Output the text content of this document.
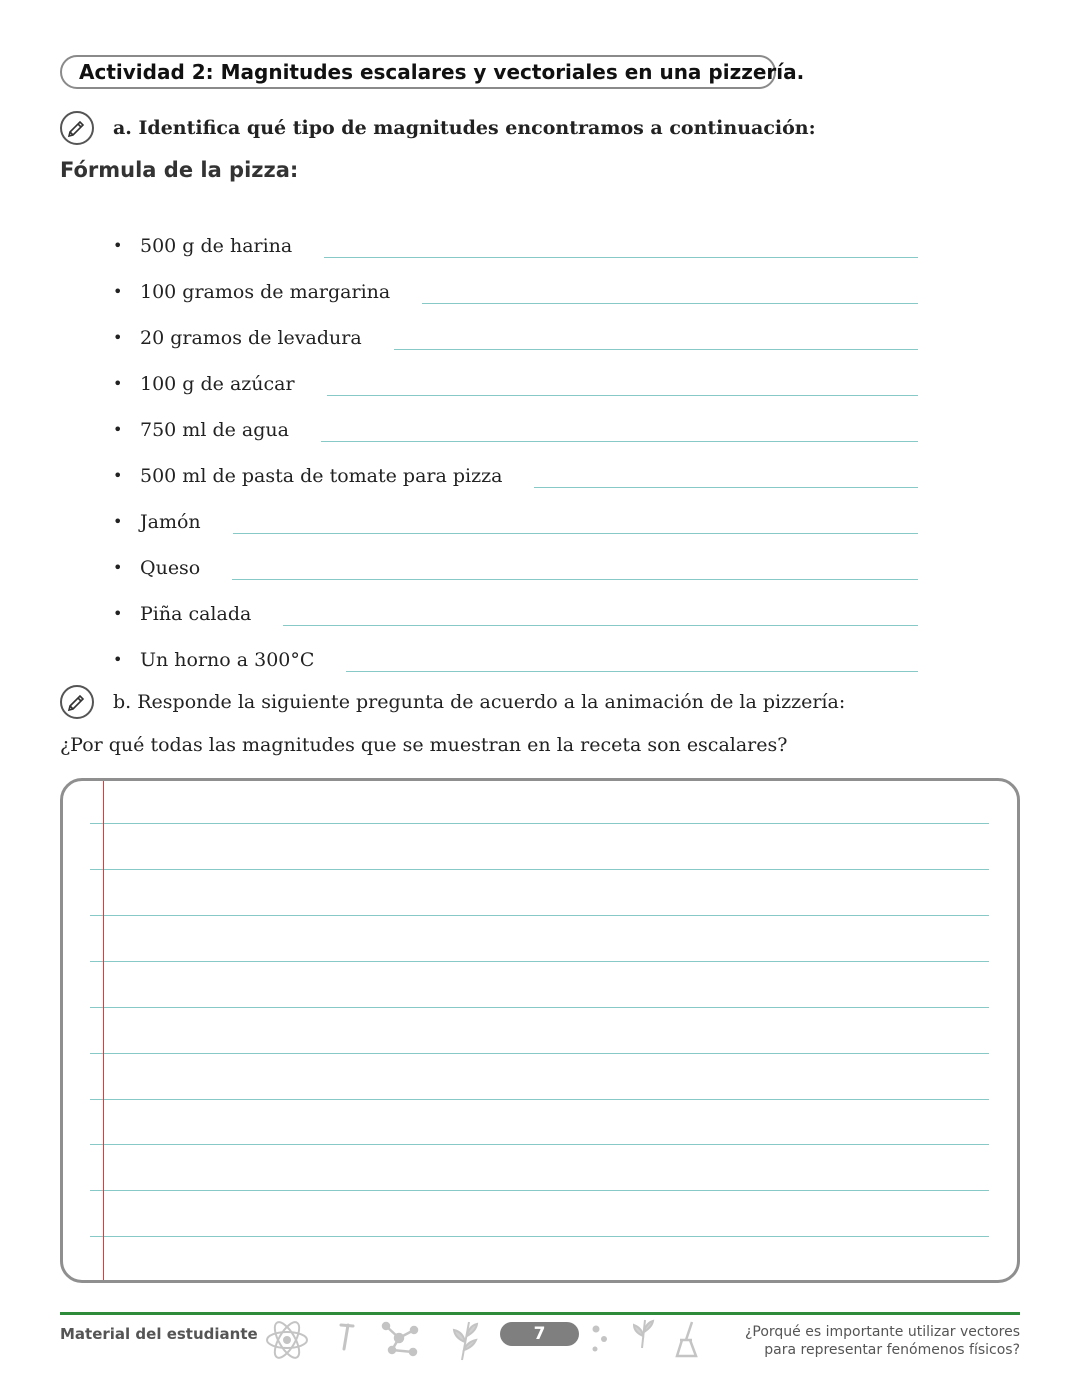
Actividad 2: Magnitudes escalares y vectoriales en una pizzería.
a. Identifica qué tipo de magnitudes encontramos a continuación:
Fórmula de la pizza:
• 500 g de harina
• 100 gramos de margarina
• 20 gramos de levadura
• 100 g de azúcar
• 750 ml de agua
• 500 ml de pasta de tomate para pizza
• Jamón
• Queso
• Piña calada
• Un horno a 300°C
b. Responde la siguiente pregunta de acuerdo a la animación de la pizzería:
¿Por qué todas las magnitudes que se muestran en la receta son escalares?
Material del estudiante	7	¿Porqué es importante utilizar vectores
para representar fenómenos físicos?
